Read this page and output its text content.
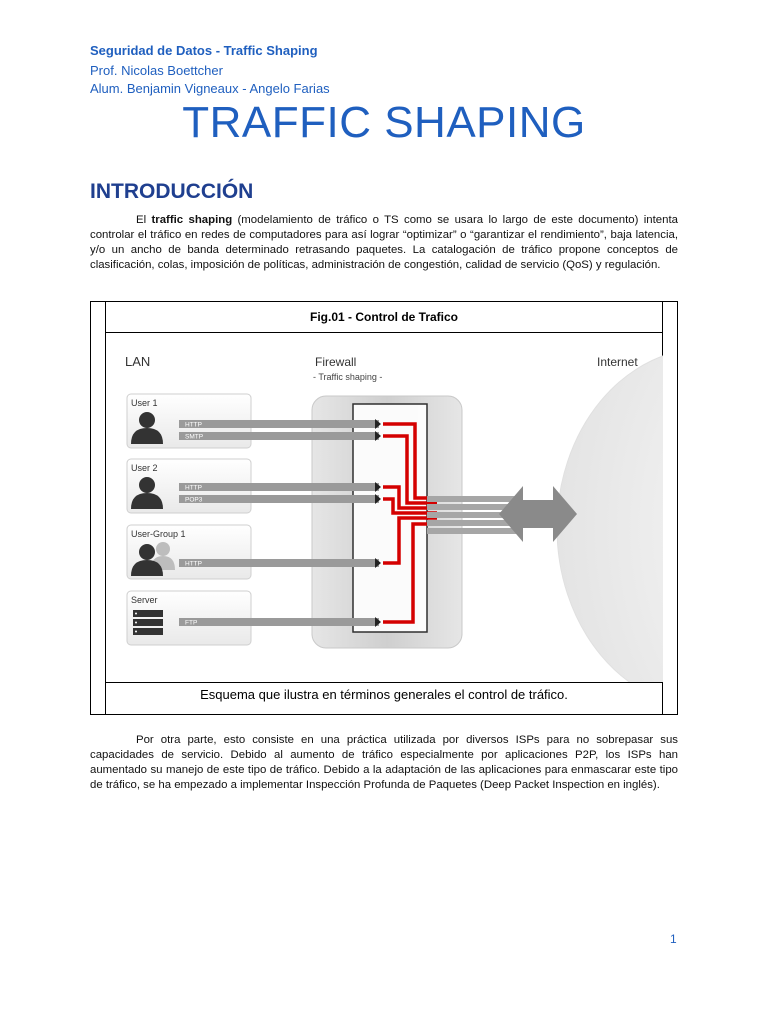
Seguridad de Datos - Traffic Shaping
Prof. Nicolas Boettcher
Alum. Benjamin Vigneaux - Angelo Farias
TRAFFIC SHAPING
INTRODUCCIÓN
El traffic shaping (modelamiento de tráfico o TS como se usara lo largo de este documento) intenta controlar el tráfico en redes de computadores para así lograr “optimizar” o “garantizar el rendimiento”, baja latencia, y/o un ancho de banda determinado retrasando paquetes. La catalogación de tráfico propone conceptos de clasificación, colas, imposición de políticas, administración de congestión, calidad de servicio (QoS) y regulación.
Fig.01 - Control de Trafico
LAN	Firewall
- Traffic shaping -
Internet
User 1
User 2
User-Group 1
Server
HTTP
SMTP
HTTP
POP3
HTTP
FTP
Esquema que ilustra en términos generales el control de tráfico.
Por otra parte, esto consiste en una práctica utilizada por diversos ISPs para no sobrepasar sus capacidades de servicio. Debido al aumento de tráfico especialmente por aplicaciones P2P, los ISPs han aumentado su manejo de este tipo de tráfico. Debido a la adaptación de las aplicaciones para enmascarar este tipo de tráfico, se ha empezado a implementar Inspección Profunda de Paquetes (Deep Packet Inspection en inglés).
1
